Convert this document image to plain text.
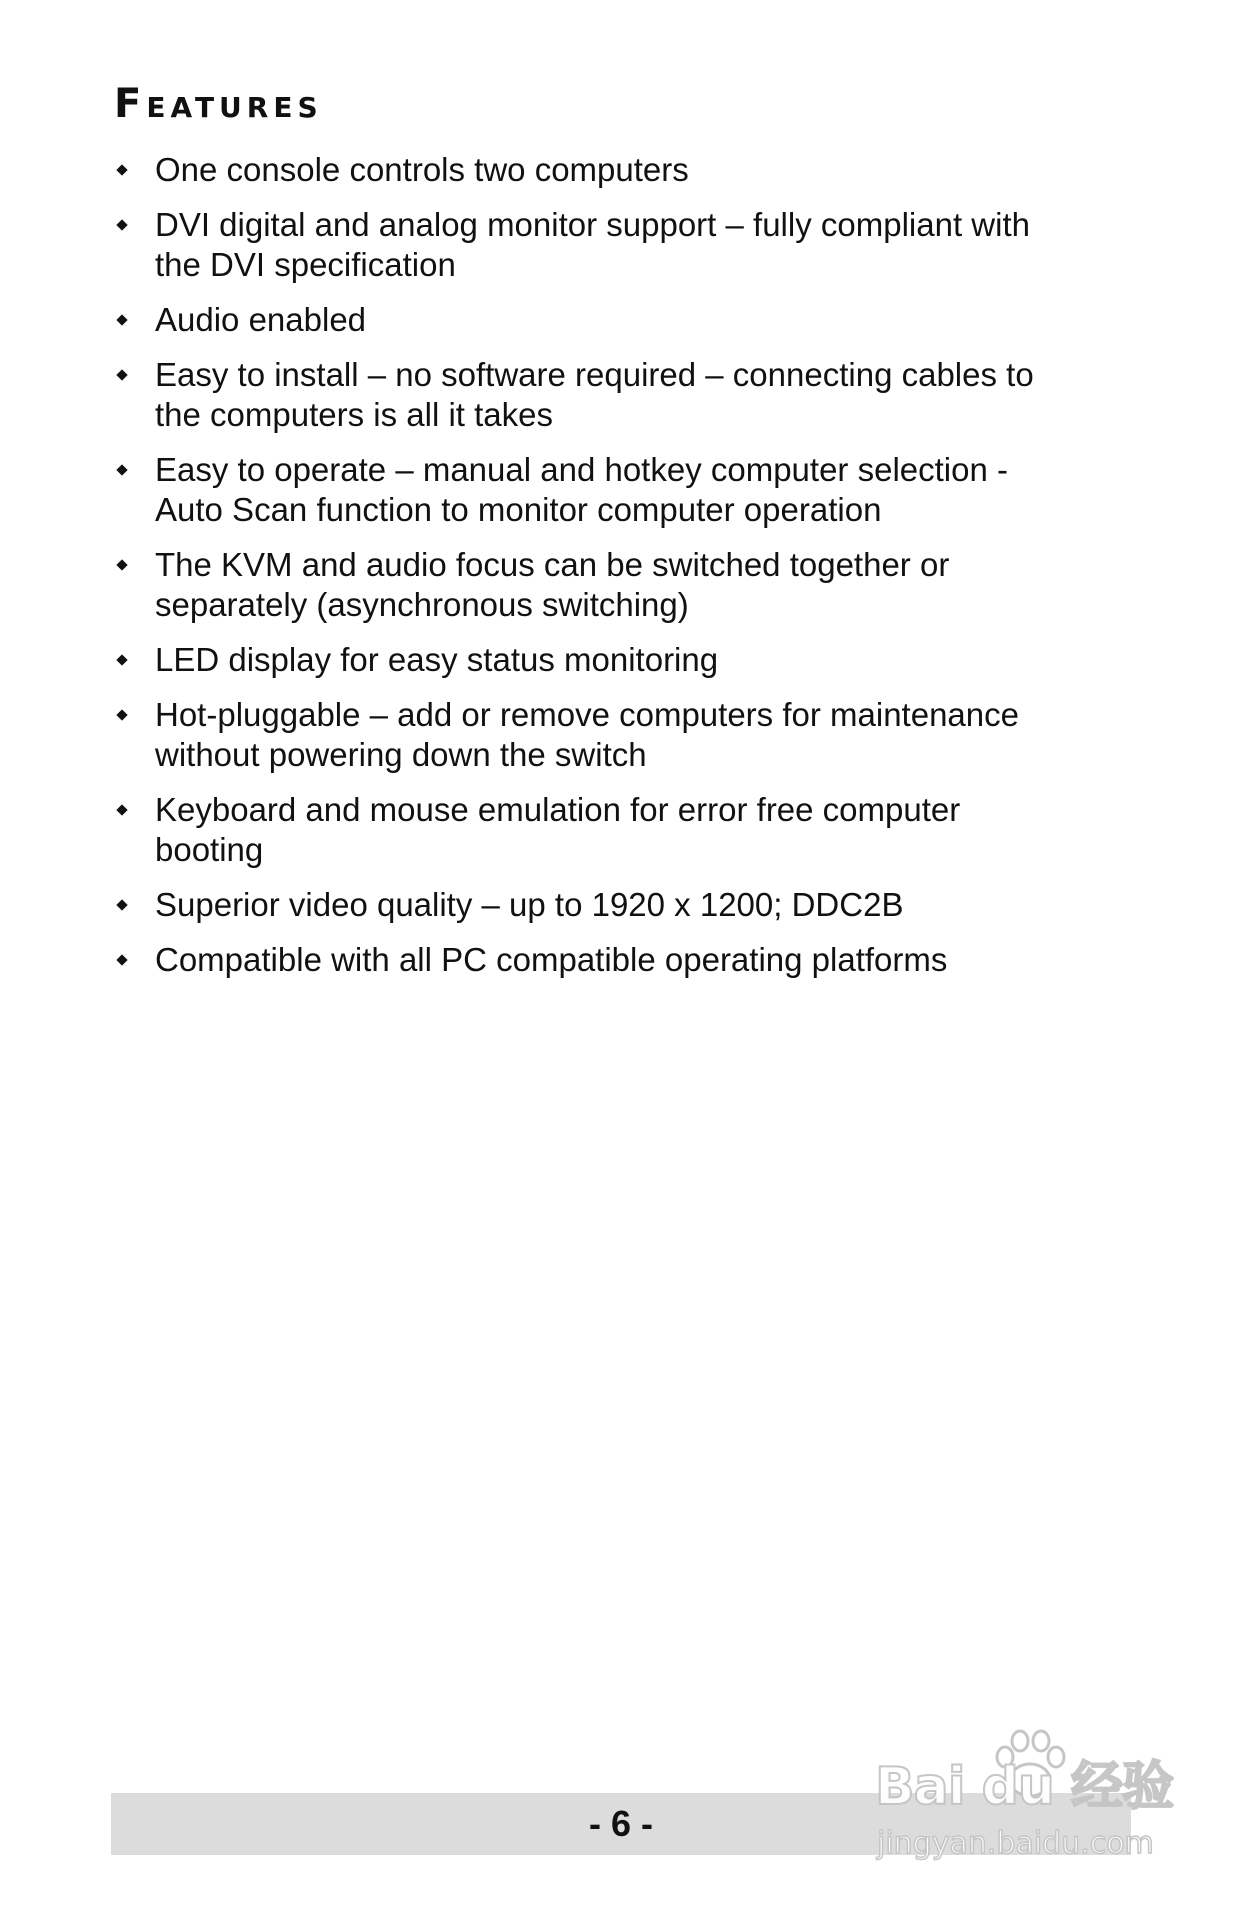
Features
One console controls two computers
DVI digital and analog monitor support – fully compliant with
the DVI specification
Audio enabled
Easy to install – no software required – connecting cables to
the computers is all it takes
Easy to operate – manual and hotkey computer selection -
Auto Scan function to monitor computer operation
The KVM and audio focus can be switched together or
separately (asynchronous switching)
LED display for easy status monitoring
Hot-pluggable – add or remove computers for maintenance
without powering down the switch
Keyboard and mouse emulation for error free computer
booting
Superior video quality – up to 1920 x 1200; DDC2B
Compatible with all PC compatible operating platforms
- 6 -
Bai du 经验
jingyan.baidu.com
